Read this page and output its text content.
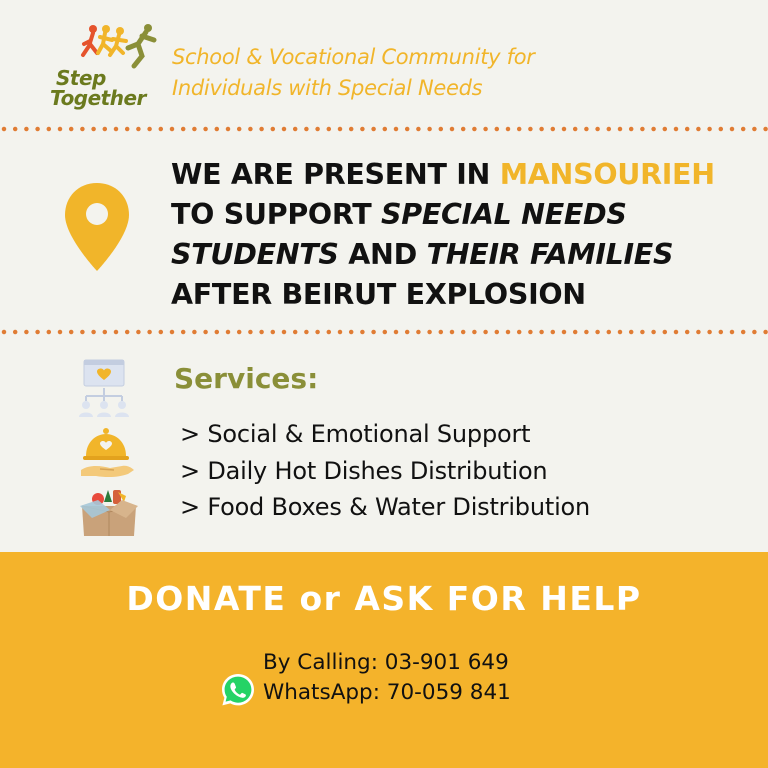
Step
Together
School & Vocational Community for
Individuals with Special Needs
WE ARE PRESENT IN MANSOURIEH
TO SUPPORT SPECIAL NEEDS
STUDENTS AND THEIR FAMILIES
AFTER BEIRUT EXPLOSION
Services:
> Social & Emotional Support
> Daily Hot Dishes Distribution
> Food Boxes & Water Distribution
DONATE or ASK FOR HELP
By Calling: 03-901 649
WhatsApp: 70-059 841
